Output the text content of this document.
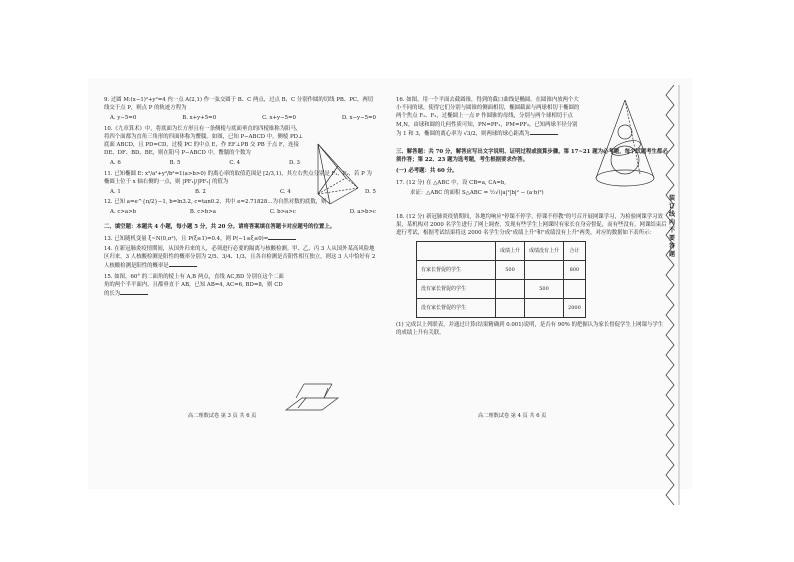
9. 过圆 M:(x−1)²+y²=4 内一点 A(2,1) 作一弦交圆于 B、C 两点，过点 B、C 分别作圆的切线 PB、PC，两切线交于点 P，则点 P 的轨迹方程为
A. y−5=0	B. x+y+5=0	C. x+y−5=0	D. x−y−5=0
10.《九章算术》中，将底面为长方形且有一条侧棱与底面垂直的四棱锥称为阳马，将四个面都为直角三角形的四面体称为鳖臑。如图，已知 P−ABCD 中，侧棱 PD⊥底面 ABCD，且 PD=CD，过棱 PC 的中点 E，作 EF⊥PB 交 PB 于点 F，连接 DE、DF、BD、BE，则在阳马 P−ABCD 中，鳖臑的个数为
A. 6	B. 5	C. 4	D. 3
11. 已知椭圆 E: x²/a²+y²/b²=1(a>b>0) 的离心率的取值范围是 [2/3,1)，其左右焦点分别是 F₁、F₂，若 P 为椭圆上位于 x 轴右侧的一点，则 |PF₁|/|PF₂| 的值为
A. 1	B. 2	C. 4	D. 5
12. 已知 a=e^{π/2}−1, b=ln3.2, c=tan0.2，其中 e=2.71828…为自然对数的底数，则
A. c>a>b	B. c>b>a	C. b>a>c	D. a>b>c
二、填空题：本题共 4 小题，每小题 5 分，共 20 分。请将答案填在答题卡对应题号的位置上。
13. 已知随机变量 ξ~N(0,σ²)，且 P(ξ≥1)=0.4，则 P(−1≤ξ≤0)=
14. 在新冠肺炎疫情期间，从国外归来的人，必须进行必要的隔离与核酸检测。甲、乙、丙 3 人从国外某高风险地区归来，3 人核酸检测是阳性的概率分别为 2/5、3/4、1/3，且各自检测是否阳性相互独立，则这 3 人中恰好有 2 人核酸检测是阳性的概率是
15. 如图，60° 的二面角的棱上有 A,B 两点，直线 AC,BD 分别在这个二面角的两个半平面内，且都垂直于 AB，已知 AB=4, AC=6, BD=8，则 CD 的长为
高二理数试卷 第 3 页 共 6 页
16. 如图，用一个平面去截圆锥，得到的截口曲线是椭圆。在圆锥内放两个大小不同的球，使得它们分别与圆锥的侧面相切，椭圆截面与两球相切于椭圆的两个焦点 F₁、F₂，过椭圆上一点 P 作圆锥的母线，分别与两个球相切于点 M,N，由球和圆的几何性质可知，PN=PF₁，PM=PF₂，已知两球半径分别为 1 和 3，椭圆的离心率为 √3/2，则两球的球心距离为
三、解答题：共 70 分，解答应写出文字说明、证明过程或演算步骤。第 17~21 题为必考题，每个试题考生都必须作答；第 22、23 题为选考题，考生根据要求作答。
(一) 必考题：共 60 分。
17. (12 分) 在 △ABC 中，设 CB=a, CA=b,
求证：△ABC 的面积 S△ABC = ½√(|a|²|b|² − (a·b)²)
18. (12 分) 新冠肺炎疫情期间，各地均响应"停课不停学，停课不停教"的号召开展网课学习，为检验网课学习效果，某机构对 2000 名学生进行了网上调查，发现有些学生上网课时有家长在身旁督促，而有些没有。网课结束后进行考试，根据考试结果将这 2000 名学生分成"成绩上升"和"成绩没有上升"两类，对应的数据如下表所示：
	成绩上升	成绩没有上升	合计
有家长督促的学生	500		800
没有家长督促的学生		500	
没有家长督促的学生			2000
(1) 完成以上列联表，并通过计算(结果精确到 0.001)说明，是否有 90% 的把握认为家长督促学生上网课与学生的成绩上升有关联。
高二理数试卷 第 4 页 共 6 页
装订线内不要答题
